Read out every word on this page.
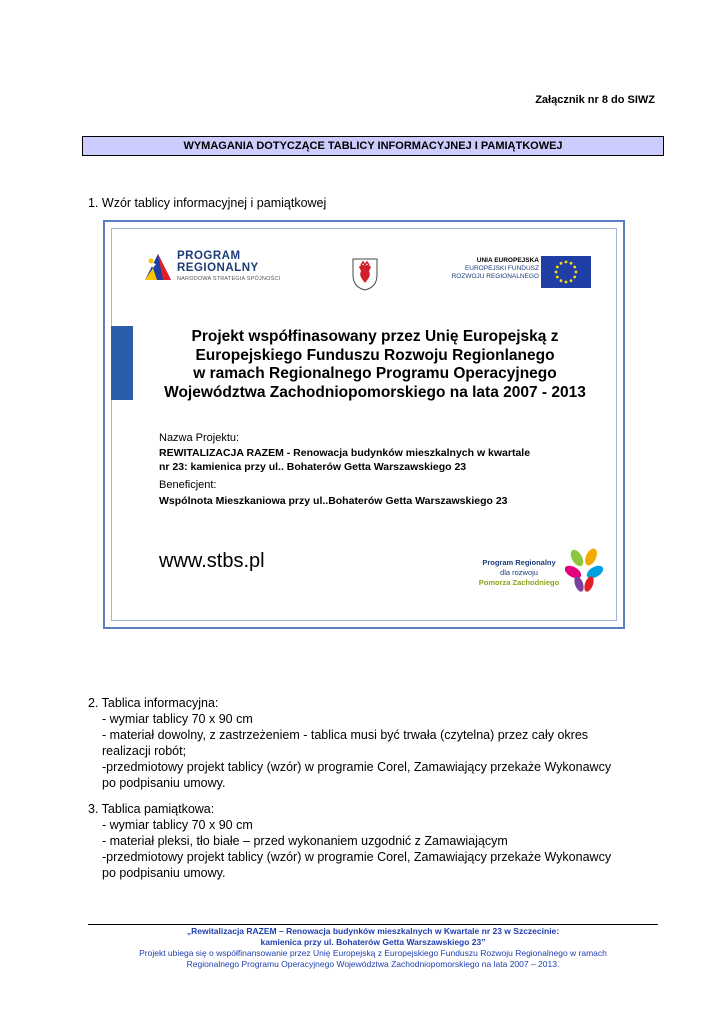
Załącznik nr 8 do SIWZ
WYMAGANIA DOTYCZĄCE TABLICY INFORMACYJNEJ I PAMIĄTKOWEJ
1. Wzór tablicy informacyjnej i pamiątkowej
PROGRAM
REGIONALNY
NARODOWA STRATEGIA SPÓJNOŚCI
UNIA EUROPEJSKA
EUROPEJSKI FUNDUSZ
ROZWOJU REGIONALNEGO
Projekt współfinasowany przez Unię Europejską z
Europejskiego Funduszu Rozwoju Regionlanego
w ramach Regionalnego Programu Operacyjnego
Województwa Zachodniopomorskiego na lata 2007 - 2013
Nazwa Projektu:
REWITALIZACJA RAZEM - Renowacja budynków mieszkalnych w kwartale
nr 23: kamienica przy ul.. Bohaterów Getta Warszawskiego 23
Beneficjent:
Wspólnota Mieszkaniowa przy ul..Bohaterów Getta Warszawskiego 23
www.stbs.pl	Program Regionalny
dla rozwoju
Pomorza Zachodniego
2. Tablica informacyjna:
- wymiar tablicy 70 x 90 cm
- materiał dowolny, z zastrzeżeniem - tablica musi być trwała (czytelna) przez cały okres
realizacji robót;
-przedmiotowy projekt tablicy (wzór) w programie Corel, Zamawiający przekaże Wykonawcy
po podpisaniu umowy.
3. Tablica pamiątkowa:
- wymiar tablicy 70 x 90 cm
- materiał pleksi, tło białe – przed wykonaniem uzgodnić z Zamawiającym
-przedmiotowy projekt tablicy (wzór) w programie Corel, Zamawiający przekaże Wykonawcy
po podpisaniu umowy.
„Rewitalizacja RAZEM – Renowacja budynków mieszkalnych w Kwartale nr 23 w Szczecinie:
kamienica przy ul. Bohaterów Getta Warszawskiego 23”
Projekt ubiega się o współfinansowanie przez Unię Europejską z Europejskiego Funduszu Rozwoju Regionalnego w ramach
Regionalnego Programu Operacyjnego Województwa Zachodniopomorskiego na lata 2007 – 2013.
